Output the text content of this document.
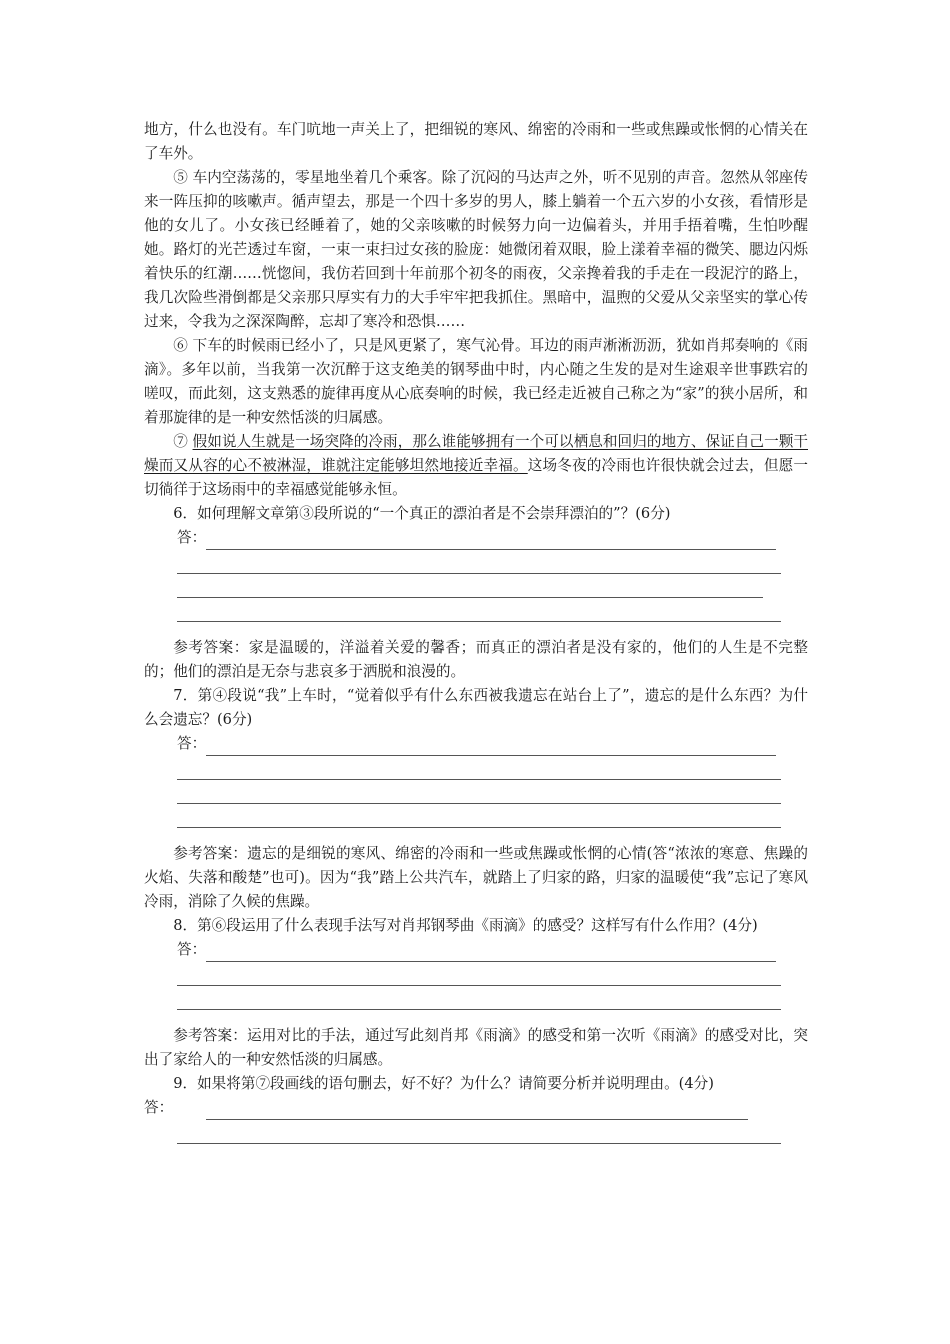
地方，什么也没有。车门吭地一声关上了，把细锐的寒风、绵密的冷雨和一些或焦躁或怅惘的心情关在了车外。

⑤ 车内空荡荡的，零星地坐着几个乘客。除了沉闷的马达声之外，听不见别的声音。忽然从邻座传来一阵压抑的咳嗽声。循声望去，那是一个四十多岁的男人，膝上躺着一个五六岁的小女孩，看情形是他的女儿了。小女孩已经睡着了，她的父亲咳嗽的时候努力向一边偏着头，并用手捂着嘴，生怕吵醒她。路灯的光芒透过车窗，一束一束扫过女孩的脸庞：她微闭着双眼，脸上漾着幸福的微笑、腮边闪烁着快乐的红潮……恍惚间，我仿若回到十年前那个初冬的雨夜，父亲搀着我的手走在一段泥泞的路上，我几次险些滑倒都是父亲那只厚实有力的大手牢牢把我抓住。黑暗中，温煦的父爱从父亲坚实的掌心传过来，令我为之深深陶醉，忘却了寒冷和恐惧……

⑥ 下车的时候雨已经小了，只是风更紧了，寒气沁骨。耳边的雨声淅淅沥沥，犹如肖邦奏响的《雨滴》。多年以前，当我第一次沉醉于这支绝美的钢琴曲中时，内心随之生发的是对生途艰辛世事跌宕的嗟叹，而此刻，这支熟悉的旋律再度从心底奏响的时候，我已经走近被自己称之为“家”的狭小居所，和着那旋律的是一种安然恬淡的归属感。

⑦ 假如说人生就是一场突降的冷雨，那么谁能够拥有一个可以栖息和回归的地方、保证自己一颗干燥而又从容的心不被淋湿，谁就注定能够坦然地接近幸福。这场冬夜的冷雨也许很快就会过去，但愿一切徜徉于这场雨中的幸福感觉能够永恒。

6．如何理解文章第③段所说的“一个真正的漂泊者是不会崇拜漂泊的”？(6分)

答：

参考答案：家是温暖的，洋溢着关爱的馨香；而真正的漂泊者是没有家的，他们的人生是不完整的；他们的漂泊是无奈与悲哀多于洒脱和浪漫的。

7．第④段说“我”上车时，“觉着似乎有什么东西被我遗忘在站台上了”，遗忘的是什么东西？为什么会遗忘？(6分)

答：

参考答案：遗忘的是细锐的寒风、绵密的冷雨和一些或焦躁或怅惘的心情(答“浓浓的寒意、焦躁的火焰、失落和酸楚”也可)。因为“我”踏上公共汽车，就踏上了归家的路，归家的温暖使“我”忘记了寒风冷雨，消除了久候的焦躁。

8．第⑥段运用了什么表现手法写对肖邦钢琴曲《雨滴》的感受？这样写有什么作用？(4分)

答：

参考答案：运用对比的手法，通过写此刻肖邦《雨滴》的感受和第一次听《雨滴》的感受对比，突出了家给人的一种安然恬淡的归属感。

9．如果将第⑦段画线的语句删去，好不好？为什么？请简要分析并说明理由。(4分)

答：
